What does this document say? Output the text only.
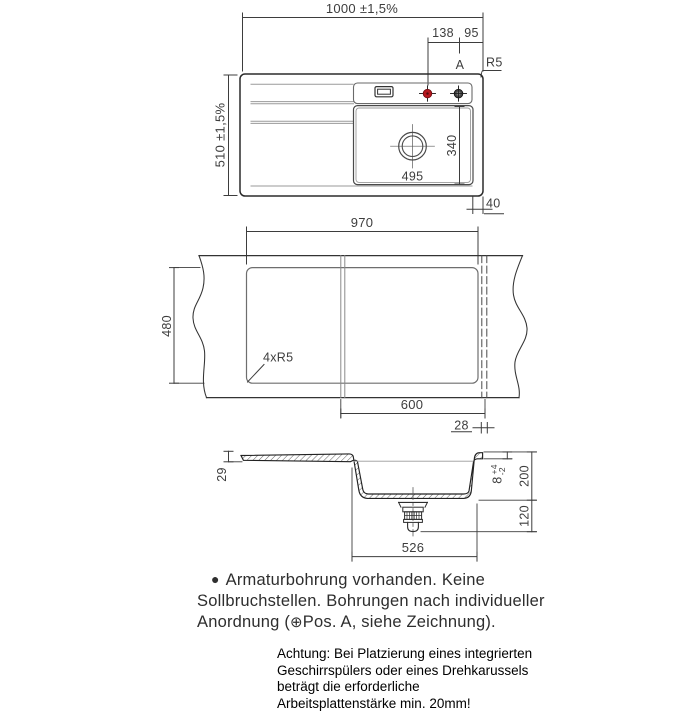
1000 ±1,5%
138 95
A R5
495
340
510 ±1,5%
40
970
480
4xR5
600
28
29	$8^{+4}-2$ 200
120
526
● Armaturbohrung vorhanden. Keine
Sollbruchstellen. Bohrungen nach individueller
Anordnung (⊕Pos. A, siehe Zeichnung).
Achtung: Bei Platzierung eines integrierten
Geschirrspülers oder eines Drehkarussels
beträgt die erforderliche
Arbeitsplattenstärke min. 20mm!
